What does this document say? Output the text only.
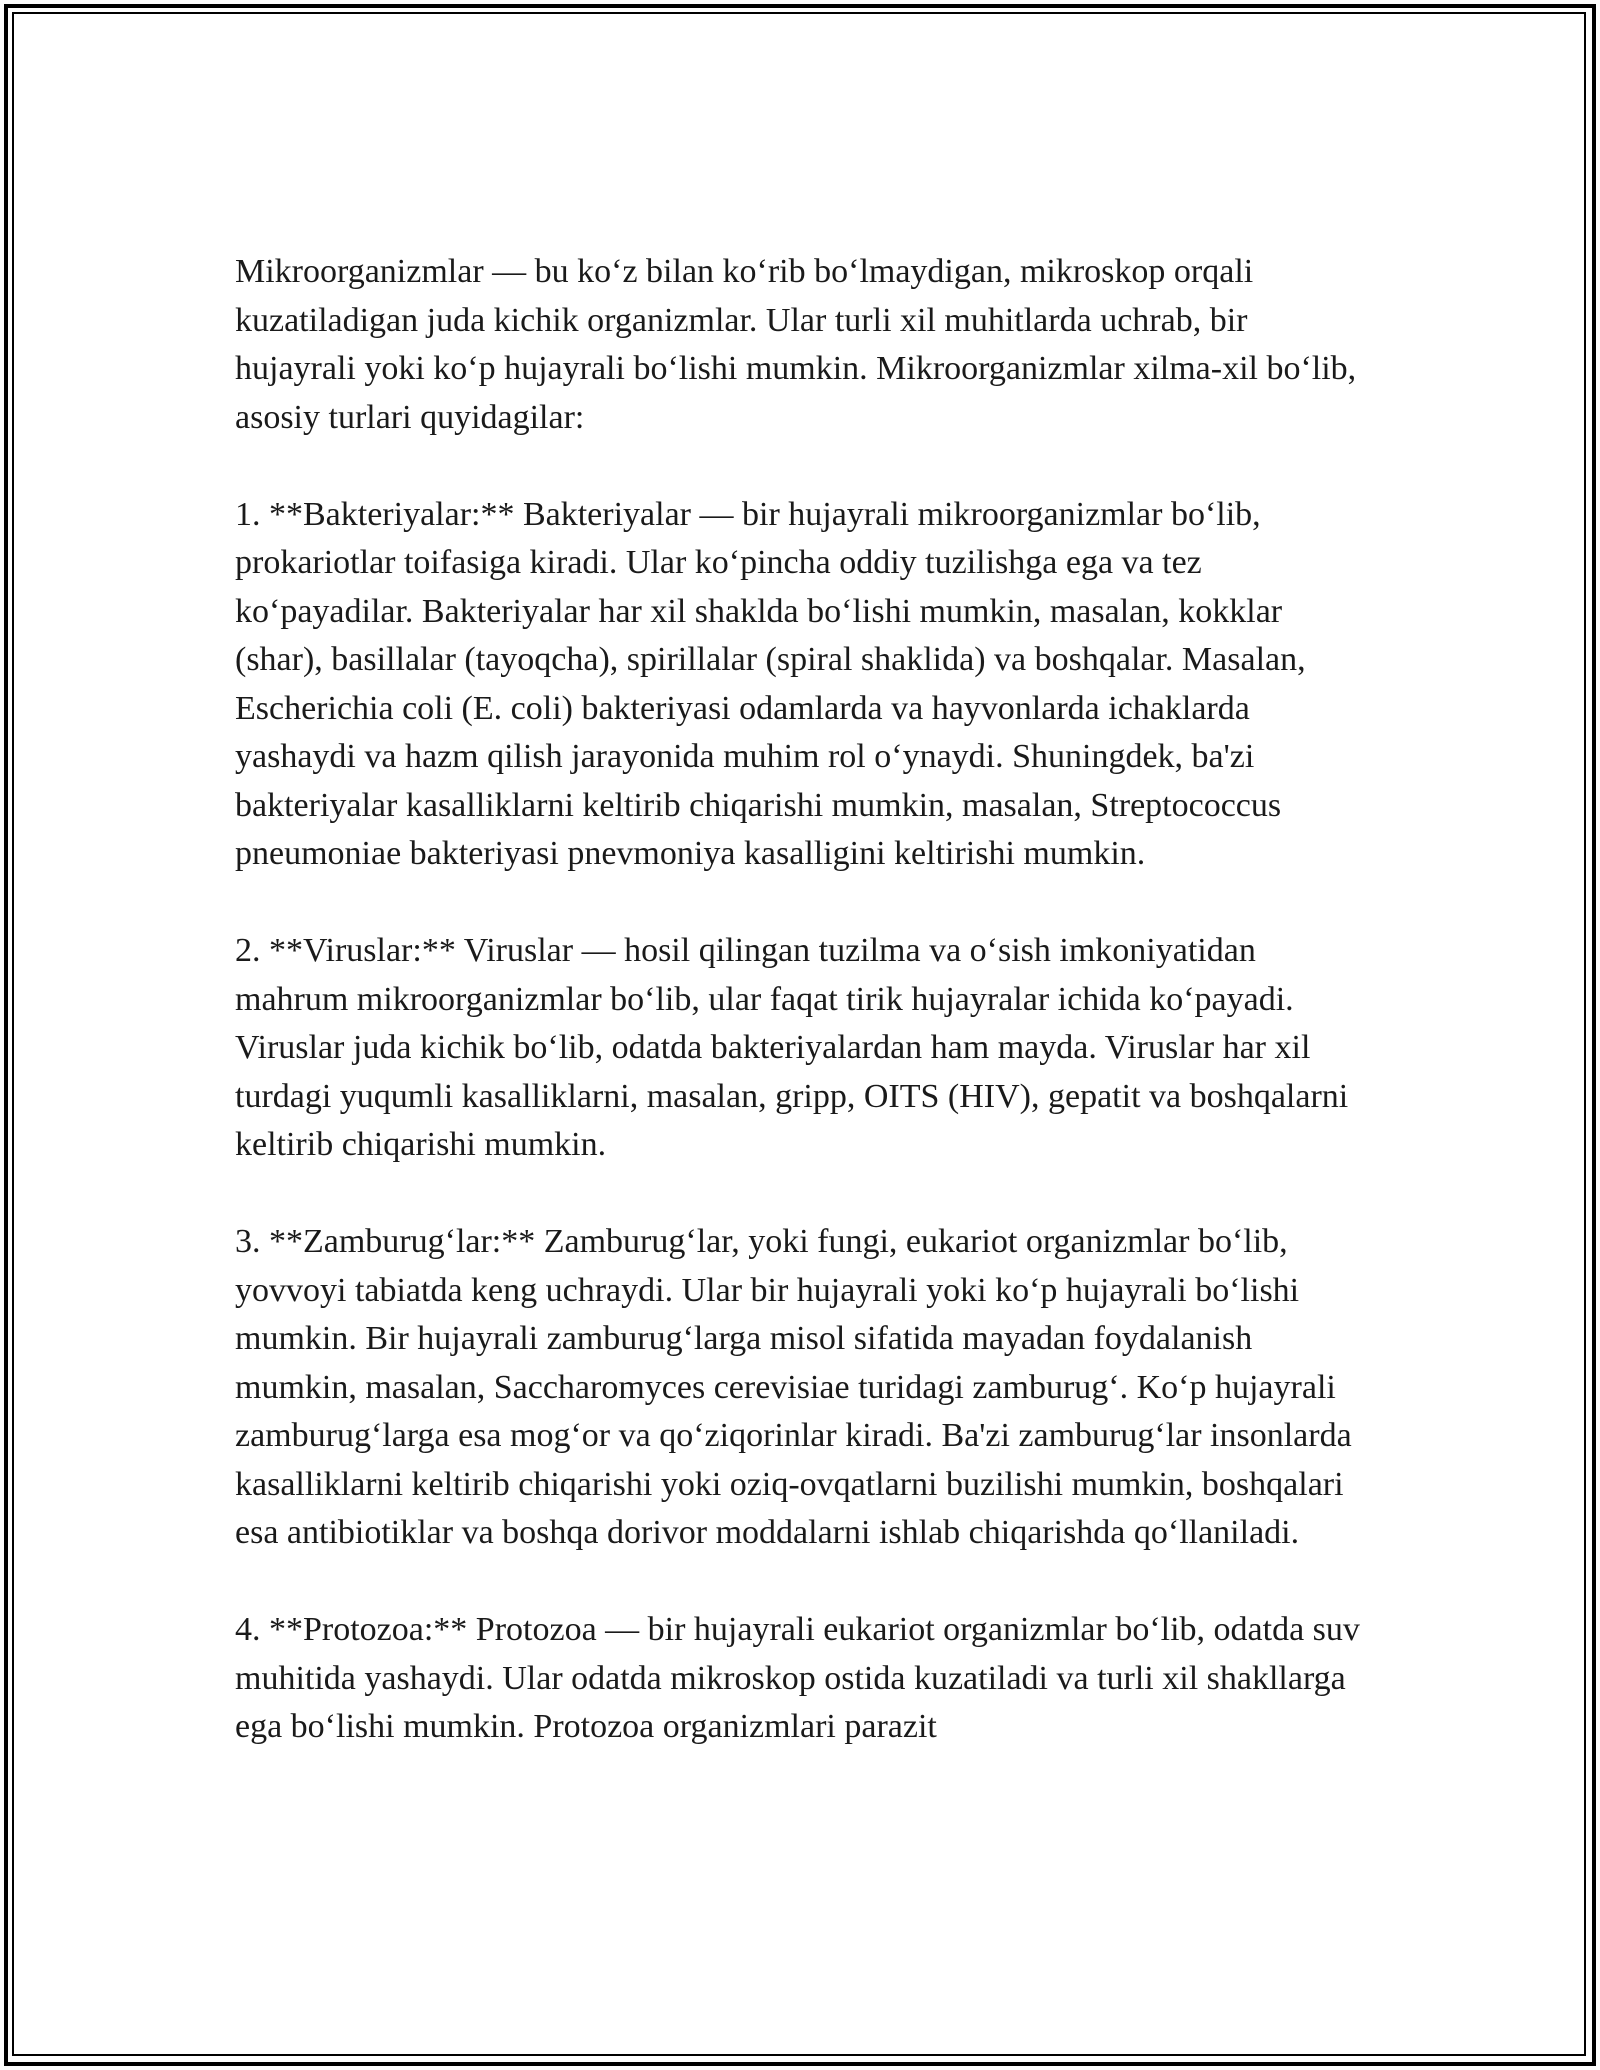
Mikroorganizmlar — bu koʻz bilan koʻrib boʻlmaydigan, mikroskop orqali kuzatiladigan juda kichik organizmlar. Ular turli xil muhitlarda uchrab, bir hujayrali yoki koʻp hujayrali boʻlishi mumkin. Mikroorganizmlar xilma-xil boʻlib, asosiy turlari quyidagilar:

1. **Bakteriyalar:** Bakteriyalar — bir hujayrali mikroorganizmlar boʻlib, prokariotlar toifasiga kiradi. Ular koʻpincha oddiy tuzilishga ega va tez koʻpayadilar. Bakteriyalar har xil shaklda boʻlishi mumkin, masalan, kokklar (shar), basillalar (tayoqcha), spirillalar (spiral shaklida) va boshqalar. Masalan, Escherichia coli (E. coli) bakteriyasi odamlarda va hayvonlarda ichaklarda yashaydi va hazm qilish jarayonida muhim rol oʻynaydi. Shuningdek, ba'zi bakteriyalar kasalliklarni keltirib chiqarishi mumkin, masalan, Streptococcus pneumoniae bakteriyasi pnevmoniya kasalligini keltirishi mumkin.

2. **Viruslar:** Viruslar — hosil qilingan tuzilma va oʻsish imkoniyatidan mahrum mikroorganizmlar boʻlib, ular faqat tirik hujayralar ichida koʻpayadi. Viruslar juda kichik boʻlib, odatda bakteriyalardan ham mayda. Viruslar har xil turdagi yuqumli kasalliklarni, masalan, gripp, OITS (HIV), gepatit va boshqalarni keltirib chiqarishi mumkin.

3. **Zamburugʻlar:** Zamburugʻlar, yoki fungi, eukariot organizmlar boʻlib, yovvoyi tabiatda keng uchraydi. Ular bir hujayrali yoki koʻp hujayrali boʻlishi mumkin. Bir hujayrali zamburugʻlarga misol sifatida mayadan foydalanish mumkin, masalan, Saccharomyces cerevisiae turidagi zamburugʻ. Koʻp hujayrali zamburugʻlarga esa mogʻor va qoʻziqorinlar kiradi. Ba'zi zamburugʻlar insonlarda kasalliklarni keltirib chiqarishi yoki oziq-ovqatlarni buzilishi mumkin, boshqalari esa antibiotiklar va boshqa dorivor moddalarni ishlab chiqarishda qoʻllaniladi.

4. **Protozoa:** Protozoa — bir hujayrali eukariot organizmlar boʻlib, odatda suv muhitida yashaydi. Ular odatda mikroskop ostida kuzatiladi va turli xil shakllarga ega boʻlishi mumkin. Protozoa organizmlari parazit
